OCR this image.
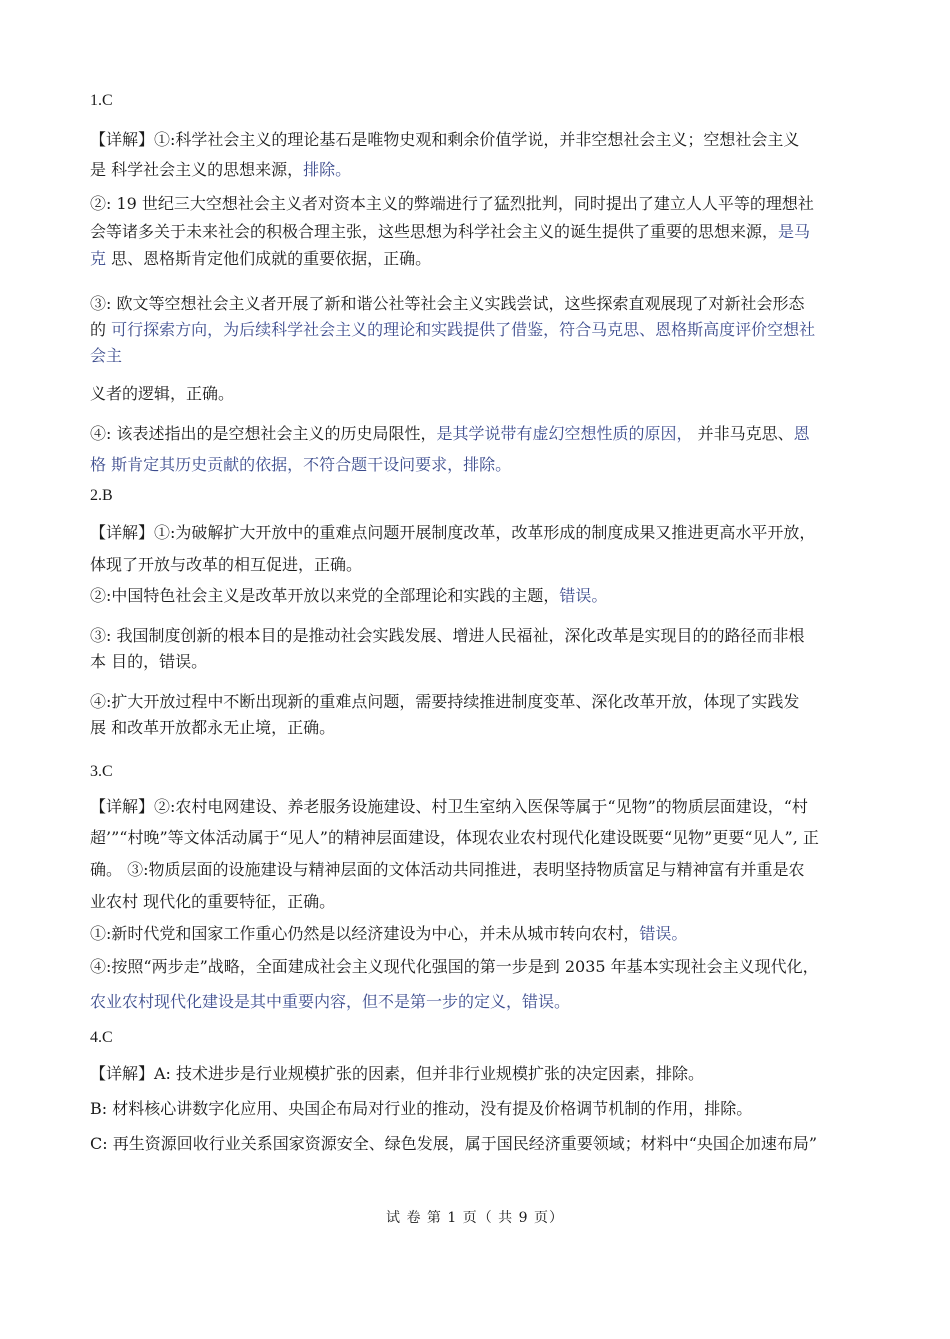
1.C
【详解】①:科学社会主义的理论基石是唯物史观和剩余价值学说，并非空想社会主义；空想社会主义
是 科学社会主义的思想来源，排除。
②: 19 世纪三大空想社会主义者对资本主义的弊端进行了猛烈批判，同时提出了建立人人平等的理想社
会等诸多关于未来社会的积极合理主张，这些思想为科学社会主义的诞生提供了重要的思想来源，是马
克 思、恩格斯肯定他们成就的重要依据，正确。
③: 欧文等空想社会主义者开展了新和谐公社等社会主义实践尝试，这些探索直观展现了对新社会形态
的 可行探索方向，为后续科学社会主义的理论和实践提供了借鉴，符合马克思、恩格斯高度评价空想社
会主
义者的逻辑，正确。
④: 该表述指出的是空想社会主义的历史局限性，是其学说带有虚幻空想性质的原因， 并非马克思、恩
格 斯肯定其历史贡献的依据，不符合题干设问要求，排除。
2.B
【详解】①:为破解扩大开放中的重难点问题开展制度改革，改革形成的制度成果又推进更高水平开放，
体现了开放与改革的相互促进，正确。
②:中国特色社会主义是改革开放以来党的全部理论和实践的主题，错误。
③: 我国制度创新的根本目的是推动社会实践发展、增进人民福祉，深化改革是实现目的的路径而非根
本 目的，错误。
④:扩大开放过程中不断出现新的重难点问题，需要持续推进制度变革、深化改革开放，体现了实践发
展 和改革开放都永无止境，正确。
3.C
【详解】②:农村电网建设、养老服务设施建设、村卫生室纳入医保等属于“见物”的物质层面建设，“村
超’”“村晚”等文体活动属于“见人”的精神层面建设，体现农业农村现代化建设既要“见物”更要“见人”, 正
确。 ③:物质层面的设施建设与精神层面的文体活动共同推进，表明坚持物质富足与精神富有并重是农
业农村 现代化的重要特征，正确。
①:新时代党和国家工作重心仍然是以经济建设为中心，并未从城市转向农村，错误。
④:按照“两步走”战略，全面建成社会主义现代化强国的第一步是到 2035 年基本实现社会主义现代化，
农业农村现代化建设是其中重要内容，但不是第一步的定义，错误。
4.C
【详解】A: 技术进步是行业规模扩张的因素，但并非行业规模扩张的决定因素，排除。
B: 材料核心讲数字化应用、央国企布局对行业的推动，没有提及价格调节机制的作用，排除。
C: 再生资源回收行业关系国家资源安全、绿色发展，属于国民经济重要领域；材料中“央国企加速布局”
试 卷 第 1 页（ 共 9 页）
